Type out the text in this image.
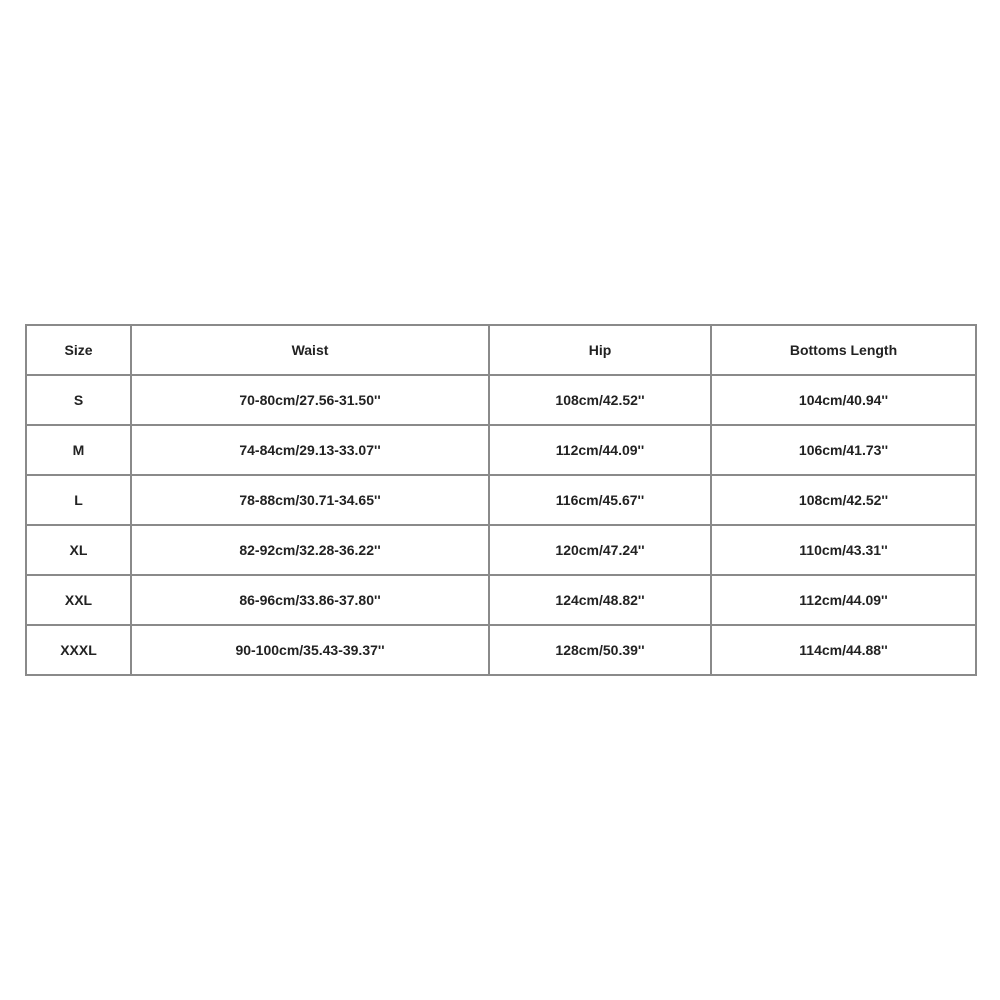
Size	Waist	Hip	Bottoms Length
S	70-80cm/27.56-31.50''	108cm/42.52''	104cm/40.94''
M	74-84cm/29.13-33.07''	112cm/44.09''	106cm/41.73''
L	78-88cm/30.71-34.65''	116cm/45.67''	108cm/42.52''
XL	82-92cm/32.28-36.22''	120cm/47.24''	110cm/43.31''
XXL	86-96cm/33.86-37.80''	124cm/48.82''	112cm/44.09''
XXXL	90-100cm/35.43-39.37''	128cm/50.39''	114cm/44.88''
